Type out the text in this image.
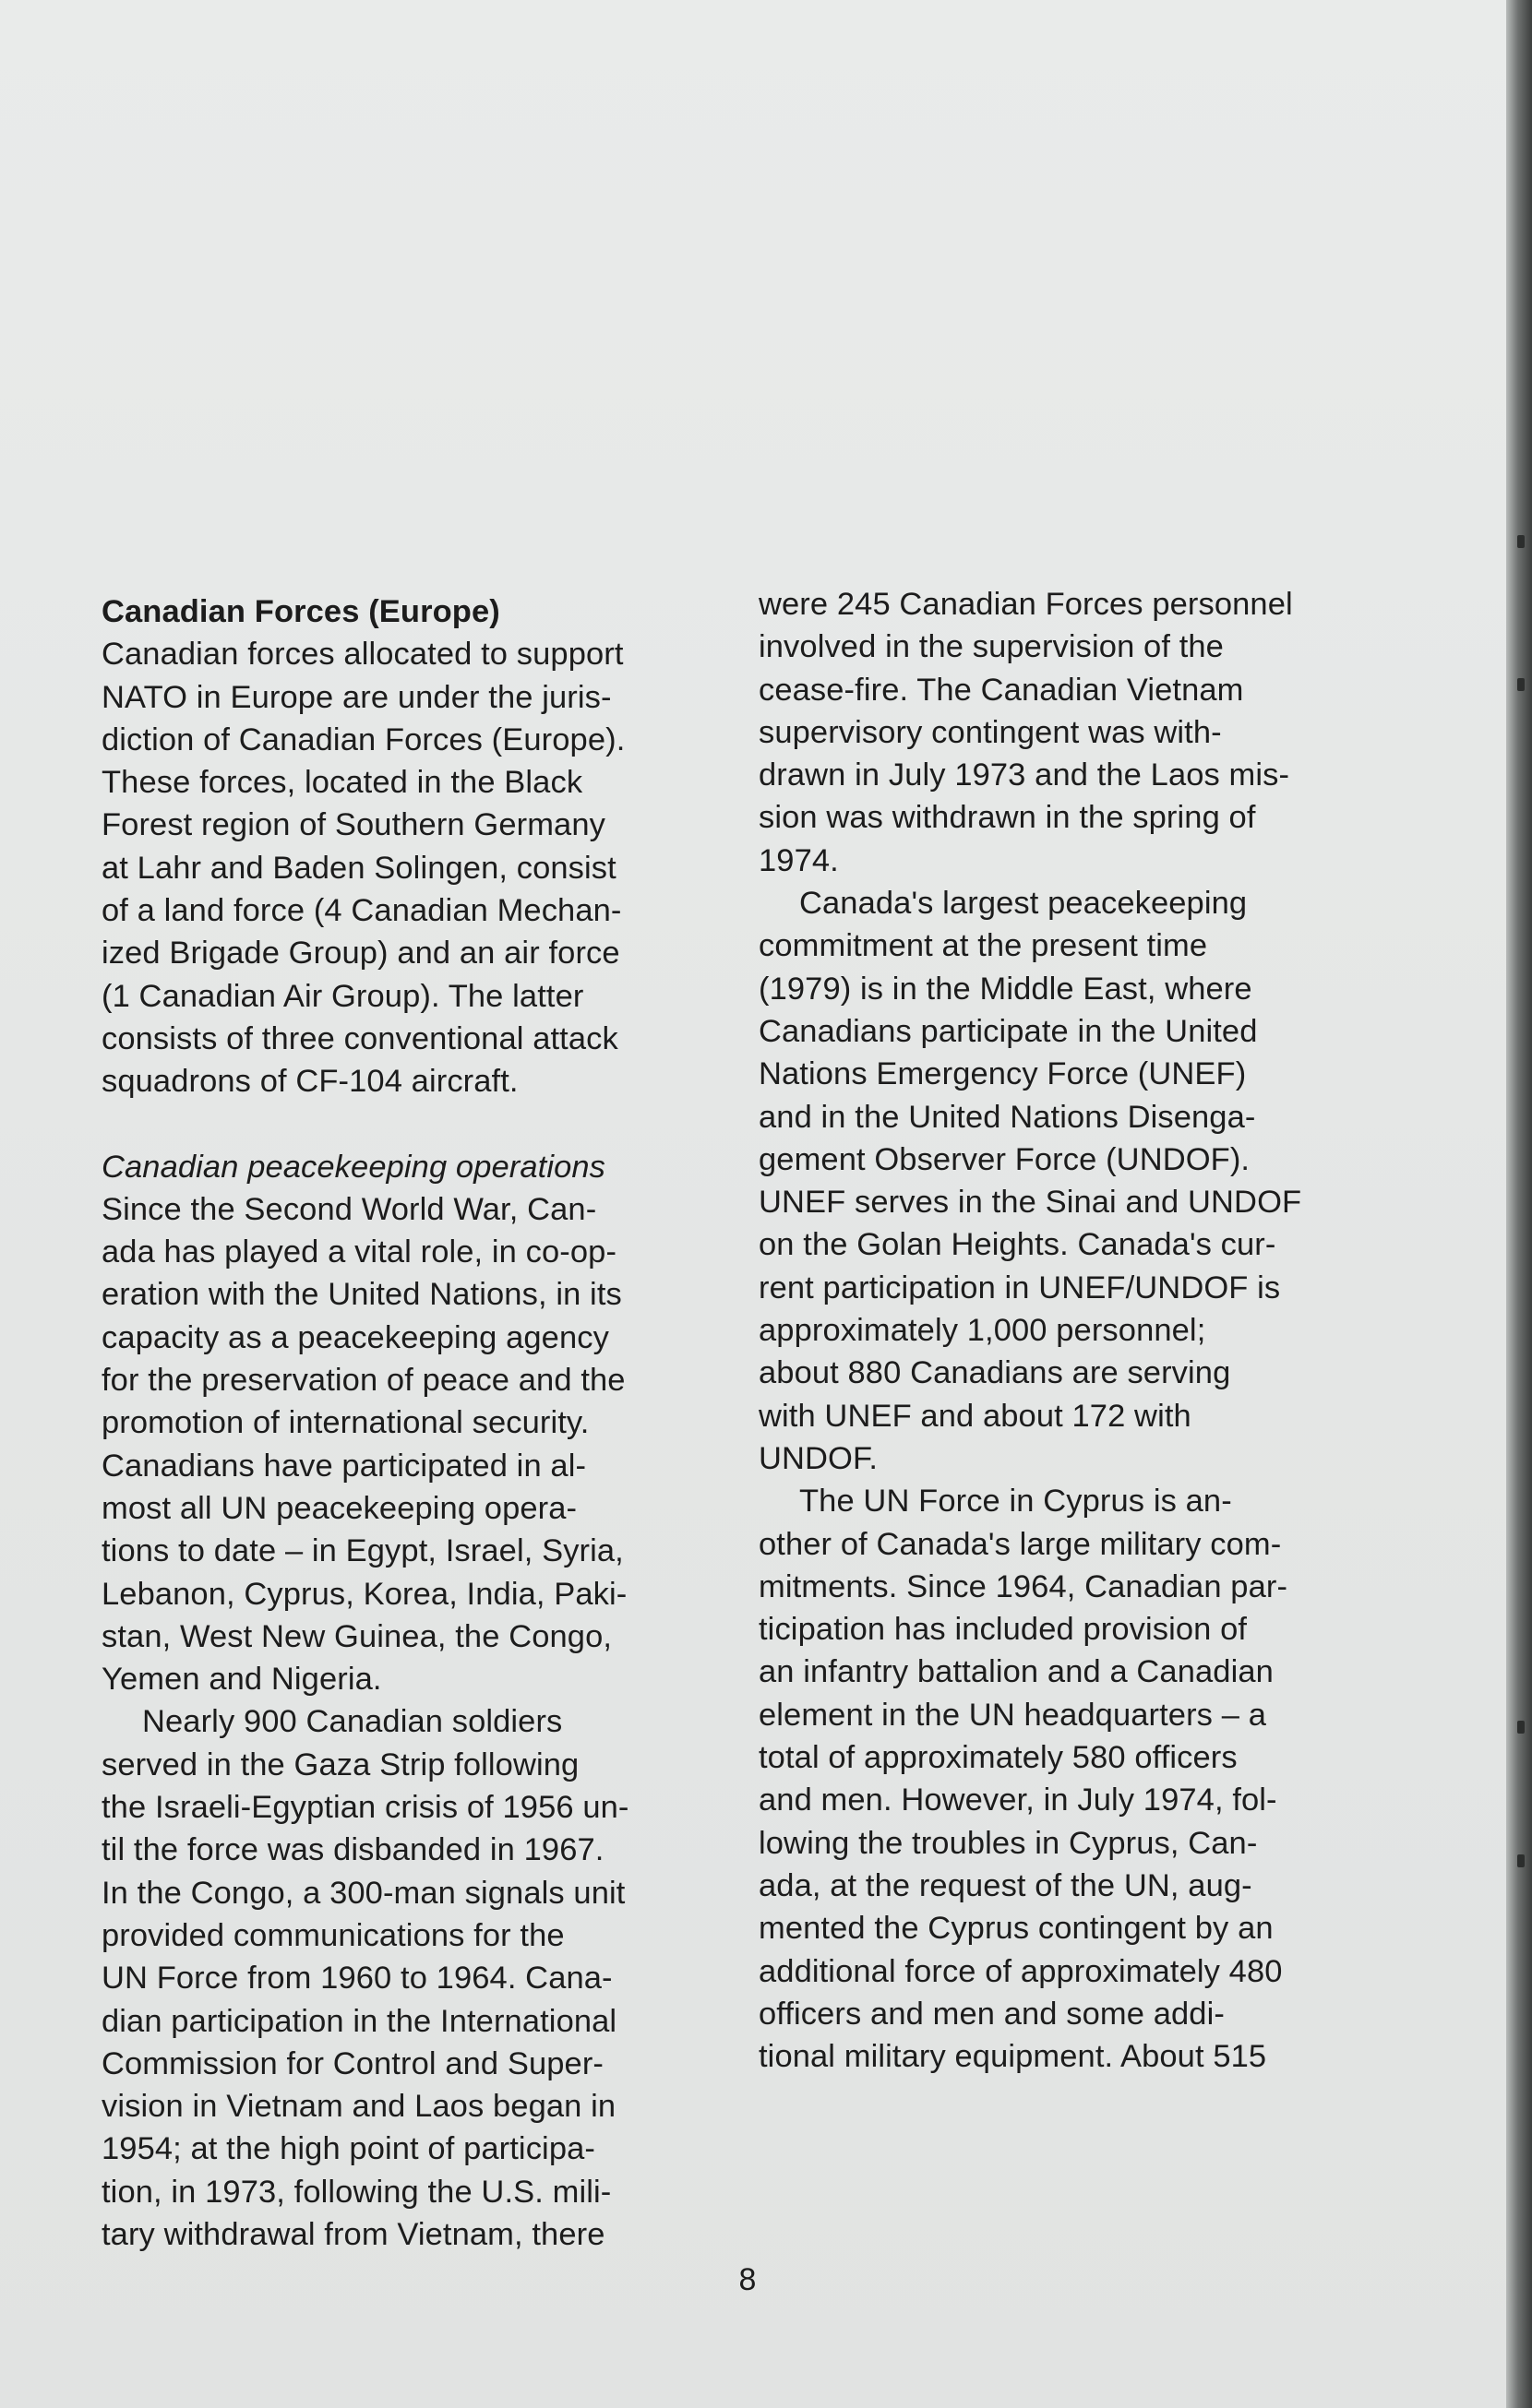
Canadian Forces (Europe)
Canadian forces allocated to support
NATO in Europe are under the juris-
diction of Canadian Forces (Europe).
These forces, located in the Black
Forest region of Southern Germany
at Lahr and Baden Solingen, consist
of a land force (4 Canadian Mechan-
ized Brigade Group) and an air force
(1 Canadian Air Group). The latter
consists of three conventional attack
squadrons of CF-104 aircraft.
Canadian peacekeeping operations
Since the Second World War, Can-
ada has played a vital role, in co-op-
eration with the United Nations, in its
capacity as a peacekeeping agency
for the preservation of peace and the
promotion of international security.
Canadians have participated in al-
most all UN peacekeeping opera-
tions to date – in Egypt, Israel, Syria,
Lebanon, Cyprus, Korea, India, Paki-
stan, West New Guinea, the Congo,
Yemen and Nigeria.
Nearly 900 Canadian soldiers
served in the Gaza Strip following
the Israeli-Egyptian crisis of 1956 un-
til the force was disbanded in 1967.
In the Congo, a 300-man signals unit
provided communications for the
UN Force from 1960 to 1964. Cana-
dian participation in the International
Commission for Control and Super-
vision in Vietnam and Laos began in
1954; at the high point of participa-
tion, in 1973, following the U.S. mili-
tary withdrawal from Vietnam, there
were 245 Canadian Forces personnel
involved in the supervision of the
cease-fire. The Canadian Vietnam
supervisory contingent was with-
drawn in July 1973 and the Laos mis-
sion was withdrawn in the spring of
1974.
Canada's largest peacekeeping
commitment at the present time
(1979) is in the Middle East, where
Canadians participate in the United
Nations Emergency Force (UNEF)
and in the United Nations Disenga-
gement Observer Force (UNDOF).
UNEF serves in the Sinai and UNDOF
on the Golan Heights. Canada's cur-
rent participation in UNEF/UNDOF is
approximately 1,000 personnel;
about 880 Canadians are serving
with UNEF and about 172 with
UNDOF.
The UN Force in Cyprus is an-
other of Canada's large military com-
mitments. Since 1964, Canadian par-
ticipation has included provision of
an infantry battalion and a Canadian
element in the UN headquarters – a
total of approximately 580 officers
and men. However, in July 1974, fol-
lowing the troubles in Cyprus, Can-
ada, at the request of the UN, aug-
mented the Cyprus contingent by an
additional force of approximately 480
officers and men and some addi-
tional military equipment. About 515
8
